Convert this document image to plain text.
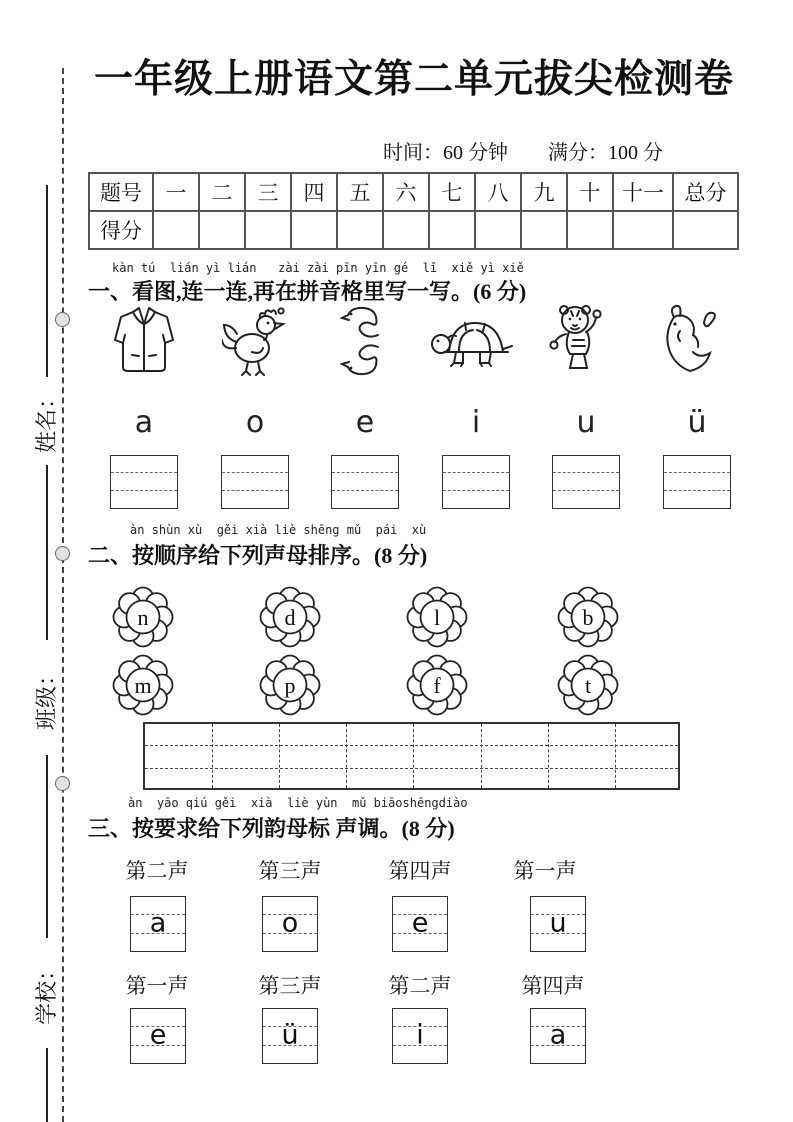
姓名：
班级：
学校：
一年级上册语文第二单元拔尖检测卷
时间：60 分钟　　满分：100 分
题号	一	二	三	四	五	六	七	八	九	十	十一	总分
得分												
kàn tú  lián yì lián   zài zài pīn yīn gé  lǐ  xiě yì xiě
一、看图,连一连,再在拼音格里写一写。(6 分)
a	o	e	i	u	ü
àn shùn xù  gěi xià liè shēng mǔ  pái  xù
二、按顺序给下列声母排序。(8 分)
n	d	l	b
m	p	f	t
àn  yāo qiú gěi  xià  liè yùn  mǔ biāoshēngdiào
三、按要求给下列韵母标 声调。(8 分)
第二声	第三声	第四声	第一声
a	o	e	u
第一声	第三声	第二声	第四声
e	ü	i	a
